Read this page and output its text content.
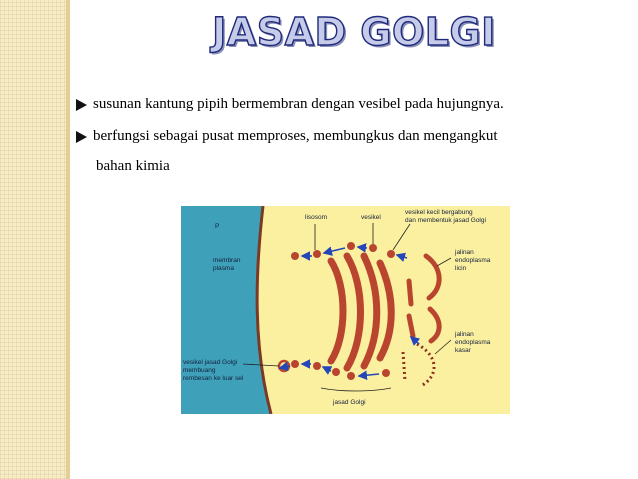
JASAD GOLGI
susunan kantung pipih bermembran dengan vesibel pada hujungnya.
berfungsi sebagai pusat memproses, membungkus dan mengangkut
bahan kimia
P
membran
plasma
lisosom	vesikel
vesikel kecil bergabung
dan membentuk jasad Golgi
jalinan
endoplasma
licin
jalinan
endoplasma
kasar
vesikel jasad Golgi
membuang
rembesan ke luar sel
jasad Golgi
